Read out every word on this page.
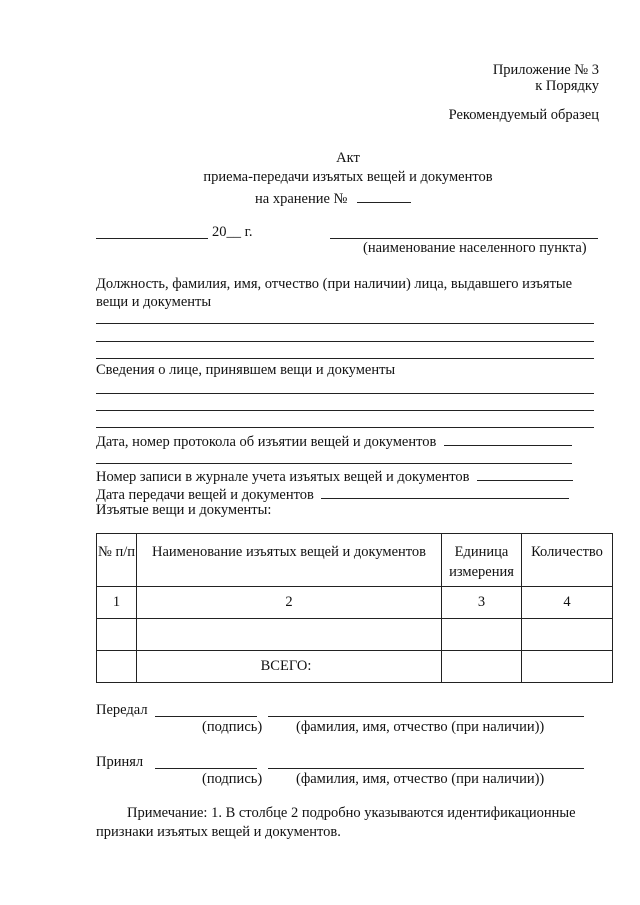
Приложение № 3
к Порядку
Рекомендуемый образец
Акт
приема-передачи изъятых вещей и документов
на хранение №
20__ г.
(наименование населенного пункта)
Должность, фамилия, имя, отчество (при наличии) лица, выдавшего изъятые
вещи и документы
Сведения о лице, принявшем вещи и документы
Дата, номер протокола об изъятии вещей и документов
Номер записи в журнале учета изъятых вещей и документов
Дата передачи вещей и документов
Изъятые вещи и документы:
№ п/п	Наименование изъятых вещей и документов	Единица измерения	Количество
1	2	3	4

	ВСЕГО:		
Передал
(подпись) (фамилия, имя, отчество (при наличии))
Принял
(подпись) (фамилия, имя, отчество (при наличии))
Примечание: 1. В столбце 2 подробно указываются идентификационные
признаки изъятых вещей и документов.
